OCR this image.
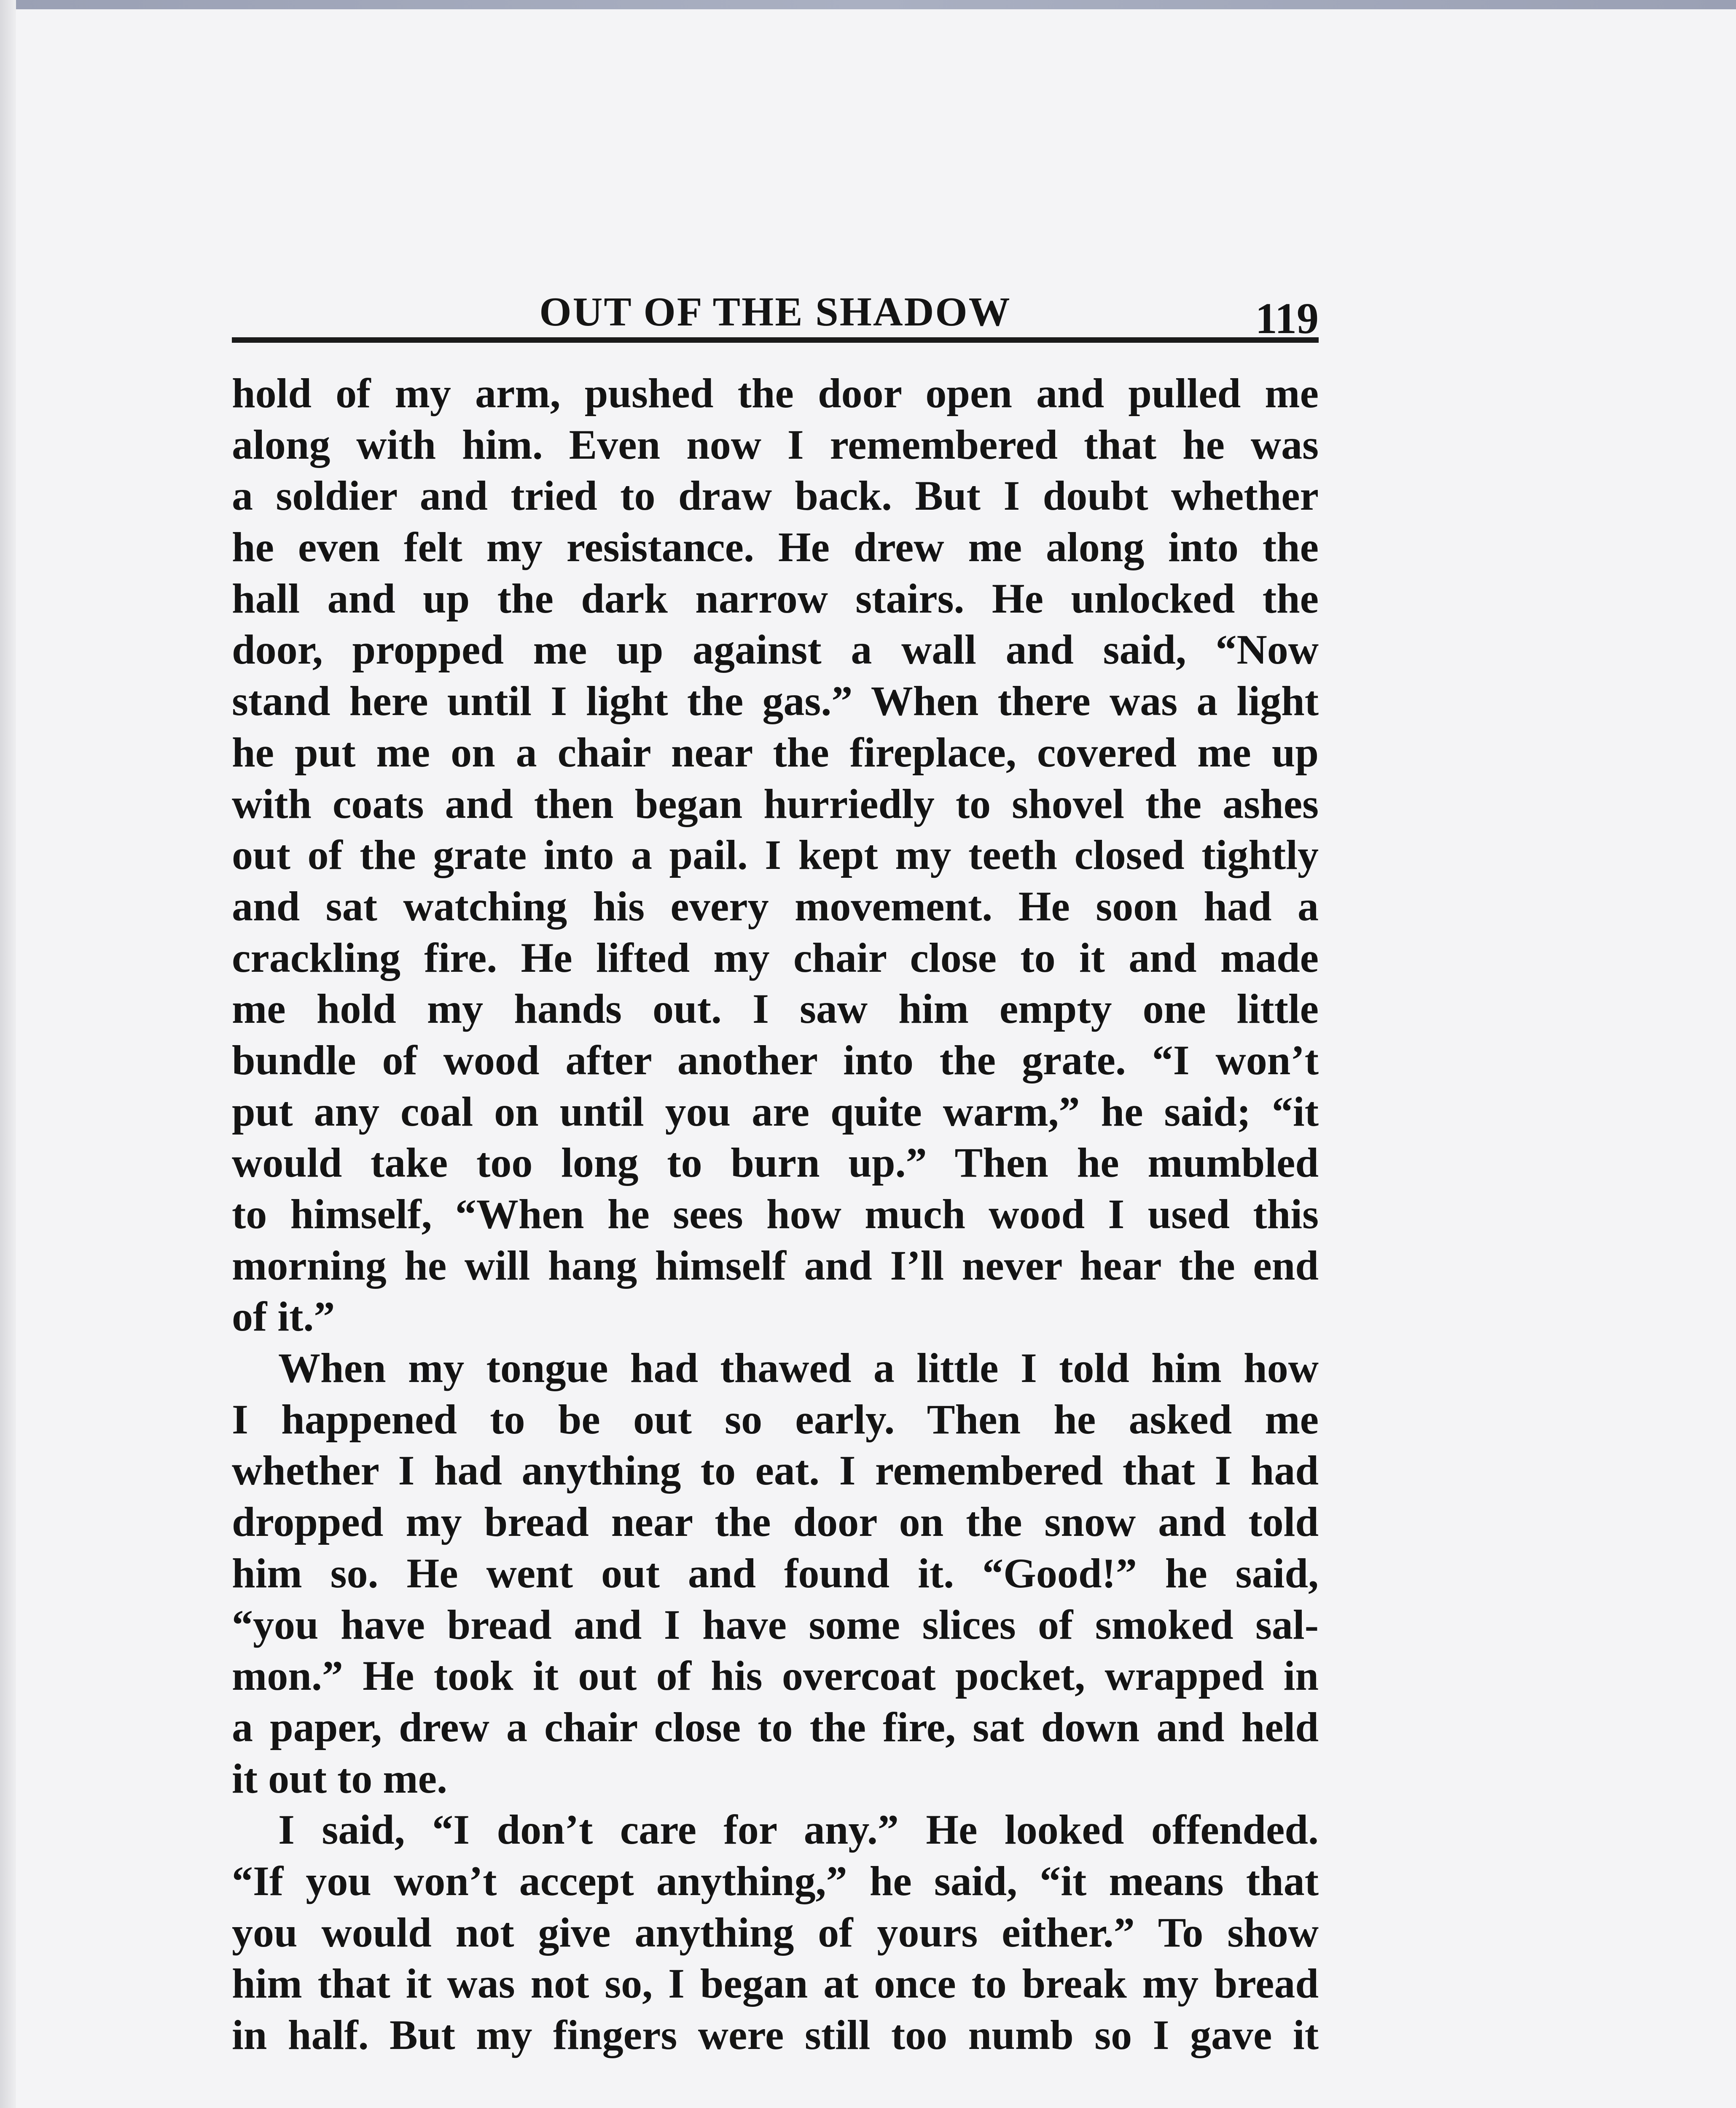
OUT OF THE SHADOW	119
hold of my arm, pushed the door open and pulled me
along with him. Even now I remembered that he was
a soldier and tried to draw back. But I doubt whether
he even felt my resistance. He drew me along into the
hall and up the dark narrow stairs. He unlocked the
door, propped me up against a wall and said, “Now
stand here until I light the gas.” When there was a light
he put me on a chair near the fireplace, covered me up
with coats and then began hurriedly to shovel the ashes
out of the grate into a pail. I kept my teeth closed tightly
and sat watching his every movement. He soon had a
crackling fire. He lifted my chair close to it and made
me hold my hands out. I saw him empty one little
bundle of wood after another into the grate. “I won’t
put any coal on until you are quite warm,” he said; “it
would take too long to burn up.” Then he mumbled
to himself, “When he sees how much wood I used this
morning he will hang himself and I’ll never hear the end
of it.”
When my tongue had thawed a little I told him how
I happened to be out so early. Then he asked me
whether I had anything to eat. I remembered that I had
dropped my bread near the door on the snow and told
him so. He went out and found it. “Good!” he said,
“you have bread and I have some slices of smoked sal-
mon.” He took it out of his overcoat pocket, wrapped in
a paper, drew a chair close to the fire, sat down and held
it out to me.
I said, “I don’t care for any.” He looked offended.
“If you won’t accept anything,” he said, “it means that
you would not give anything of yours either.” To show
him that it was not so, I began at once to break my bread
in half. But my fingers were still too numb so I gave it
